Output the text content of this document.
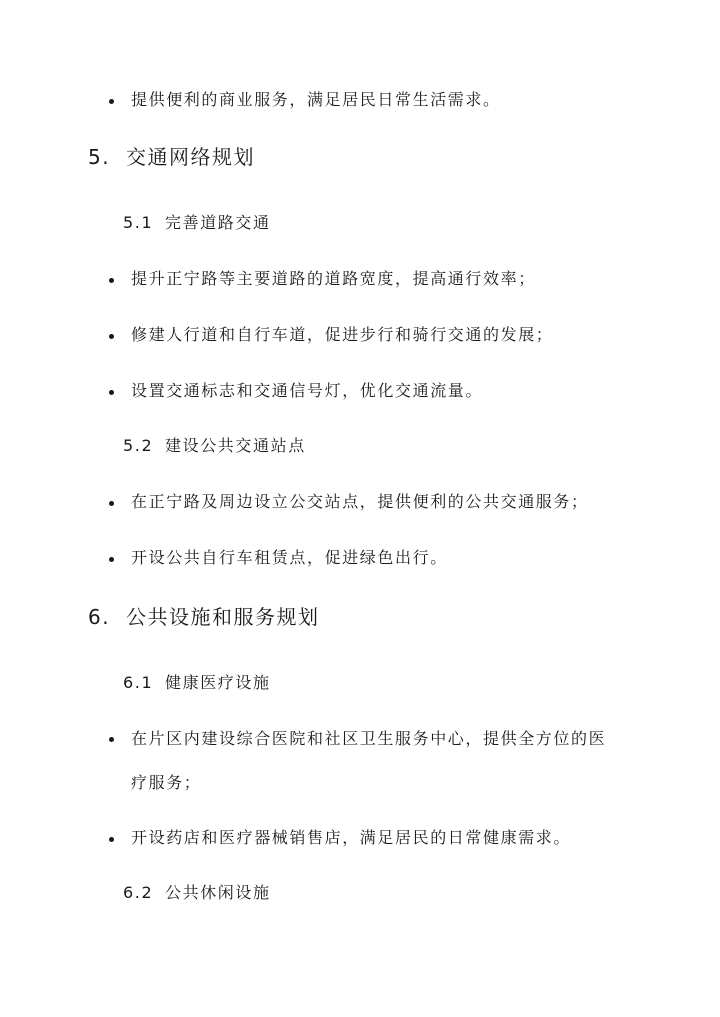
提供便利的商业服务，满足居民日常生活需求。
5. 交通网络规划
5.1 完善道路交通
提升正宁路等主要道路的道路宽度，提高通行效率；
修建人行道和自行车道，促进步行和骑行交通的发展；
设置交通标志和交通信号灯，优化交通流量。
5.2 建设公共交通站点
在正宁路及周边设立公交站点，提供便利的公共交通服务；
开设公共自行车租赁点，促进绿色出行。
6. 公共设施和服务规划
6.1 健康医疗设施
在片区内建设综合医院和社区卫生服务中心，提供全方位的医疗服务；
开设药店和医疗器械销售店，满足居民的日常健康需求。
6.2 公共休闲设施
